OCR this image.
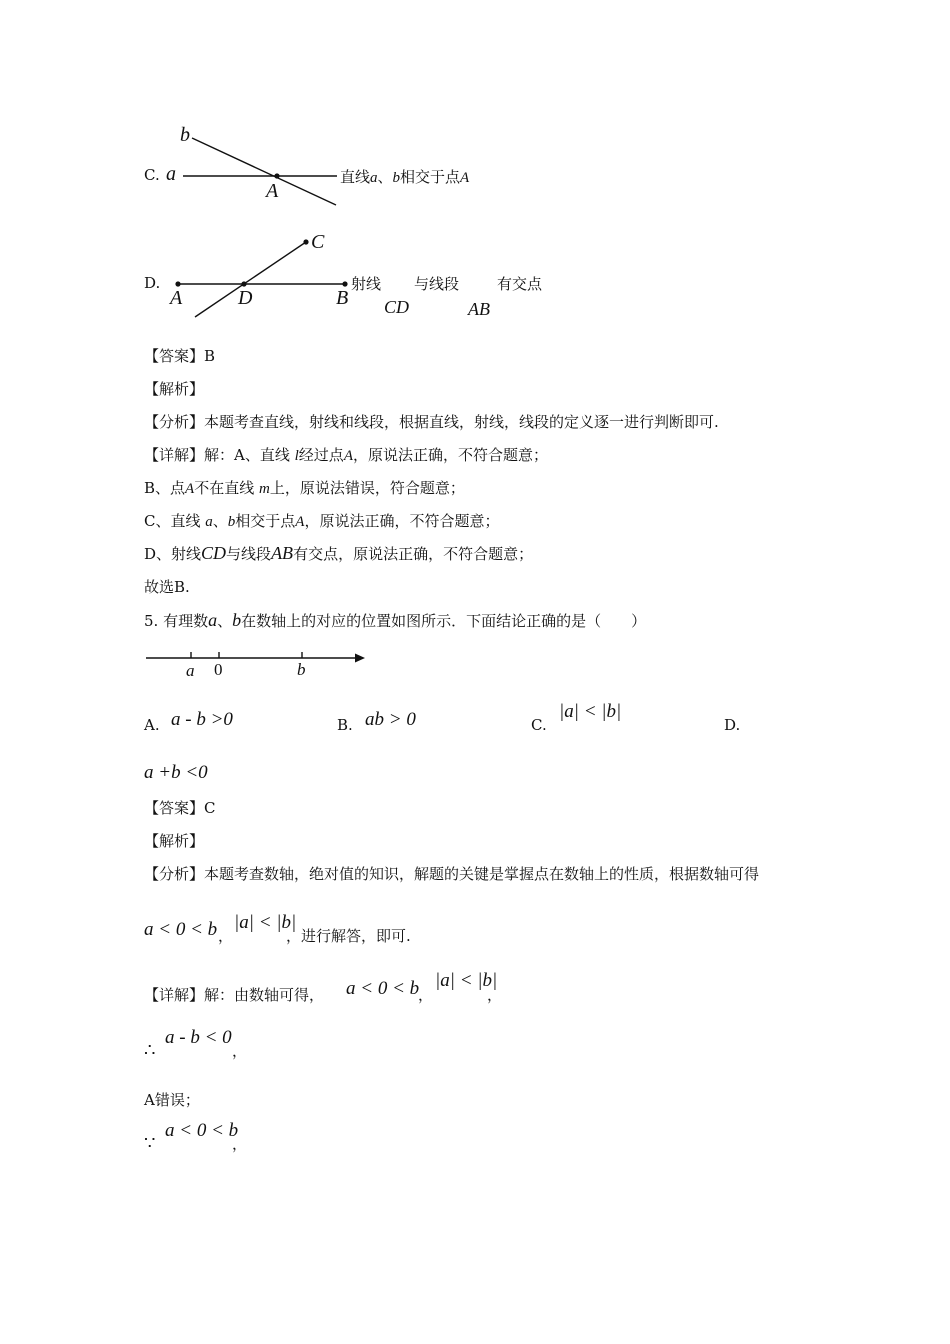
C.
b
a
A
直线a、b相交于点A
D.
A	D	B
C
射线 与线段	有交点
CD	AB
【答案】B
【解析】
【分析】本题考查直线，射线和线段，根据直线，射线，线段的定义逐一进行判断即可.
【详解】解：A、直线 l经过点A，原说法正确，不符合题意；
B、点A不在直线 m上，原说法错误，符合题意；
C、直线 a、b相交于点A，原说法正确，不符合题意；
D、射线CD与线段AB有交点，原说法正确，不符合题意；
故选B.
5. 有理数a、b在数轴上的对应的位置如图所示．下面结论正确的是（　　）
a 0	b
A. a - b >0	B. ab > 0	C.
|a| < |b|
D.
a +b <0
【答案】C
【解析】
【分析】本题考查数轴，绝对值的知识，解题的关键是掌握点在数轴上的性质，根据数轴可得
a < 0 < b ，
|a| < |b|
，进行解答，即可.
【详解】解：由数轴可得， a < 0 < b
，
|a| < |b|
，
∴
a - b < 0
，
A错误；
∵
a < 0 < b
，
